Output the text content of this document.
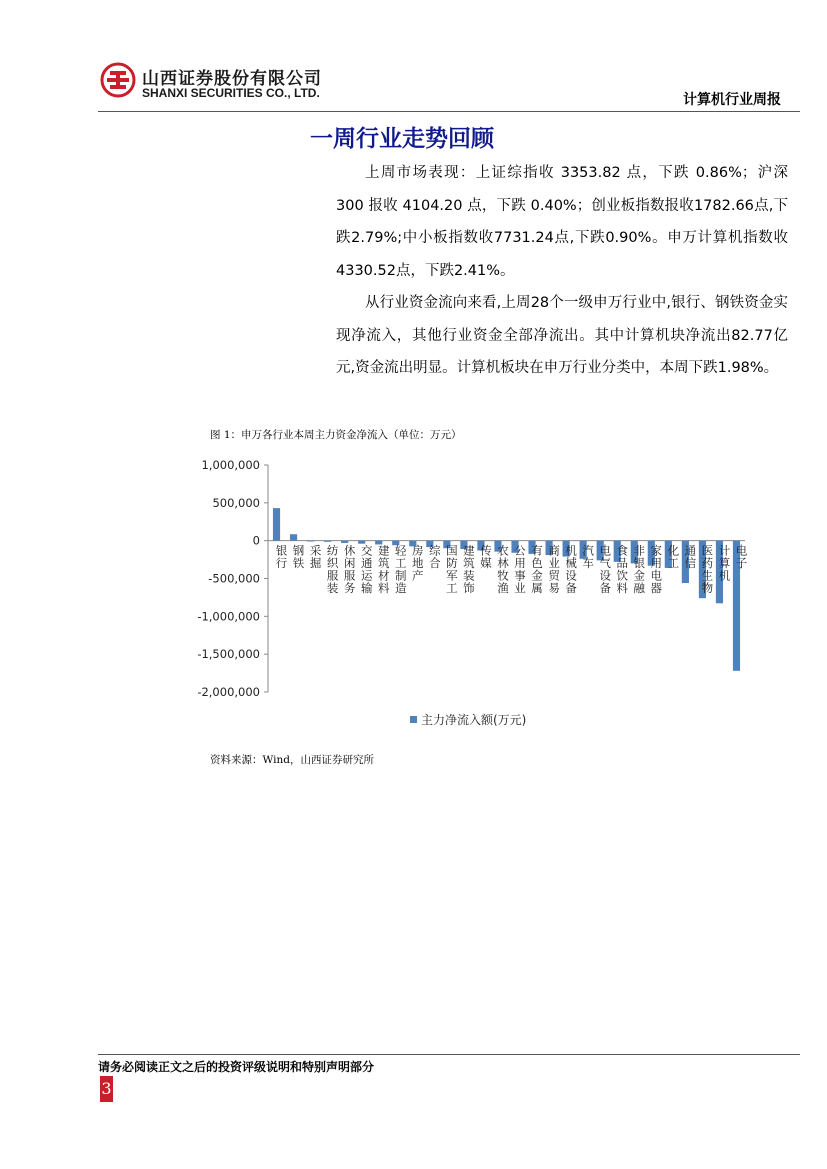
山西证券股份有限公司
SHANXI SECURITIES CO., LTD.	计算机行业周报
一周行业走势回顾

上周市场表现：上证综指收 3353.82 点，下跌 0.86%；沪深 300 报收 4104.20 点，下跌 0.40%；创业板指数报收1782.66点,下跌2.79%;中小板指数收7731.24点,下跌0.90%。申万计算机指数收4330.52点，下跌2.41%。

从行业资金流向来看,上周28个一级申万行业中,银行、钢铁资金实现净流入，其他行业资金全部净流出。其中计算机块净流出82.77亿元,资金流出明显。计算机板块在申万行业分类中，本周下跌1.98%。

图 1：申万各行业本周主力资金净流入（单位：万元）
1,000,000
500,000
0
-500,000
-1,000,000
-1,500,000
-2,000,000
银行
钢铁
采掘
纺织服装
休闲服务
交通运输
建筑材料
轻工制造
房地产
综合
国防军工
建筑装饰
传媒
农林牧渔
公用事业
有色金属
商业贸易
机械设备
汽车
电气设备
食品饮料
非银金融
家用电器
化工
通信
医药生物
计算机
电子
主力净流入额(万元)
资料来源：Wind，山西证券研究所
请务必阅读正文之后的投资评级说明和特别声明部分
3
